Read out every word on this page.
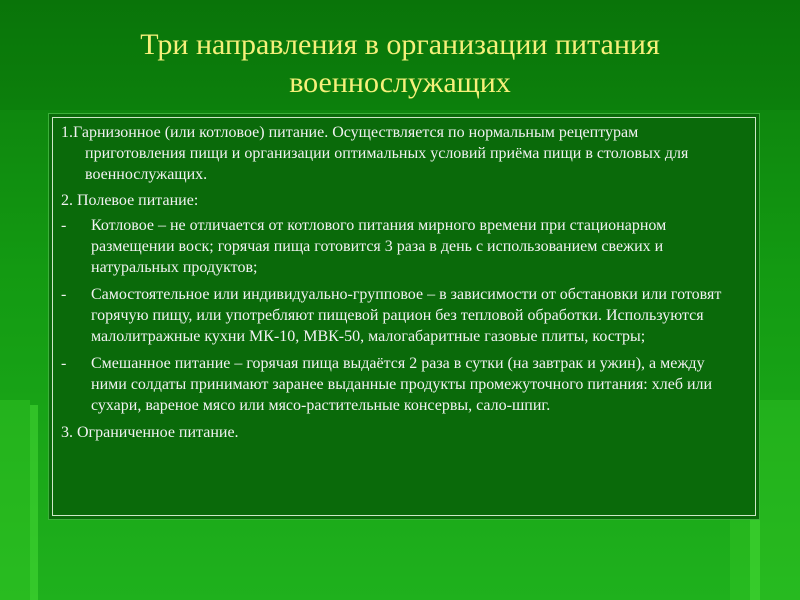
Три направления в организации питания
военнослужащих

1.Гарнизонное (или котловое) питание. Осуществляется по нормальным рецептурам приготовления пищи и организации оптимальных условий приёма пищи в столовых для военнослужащих.

2. Полевое питание:

-	Котловое – не отличается от котлового питания мирного времени при стационарном размещении воск; горячая пища готовится 3 раза в день с использованием свежих и натуральных продуктов;
-	Самостоятельное или индивидуально-групповое – в зависимости от обстановки или готовят горячую пищу, или употребляют пищевой рацион без тепловой обработки. Используются малолитражные кухни МК-10, МВК-50, малогабаритные газовые плиты, костры;
-	Смешанное питание – горячая пища выдаётся 2 раза в сутки (на завтрак и ужин), а между ними солдаты принимают заранее выданные продукты промежуточного питания: хлеб или сухари, вареное мясо или мясо-растительные консервы, сало-шпиг.

3. Ограниченное питание.
